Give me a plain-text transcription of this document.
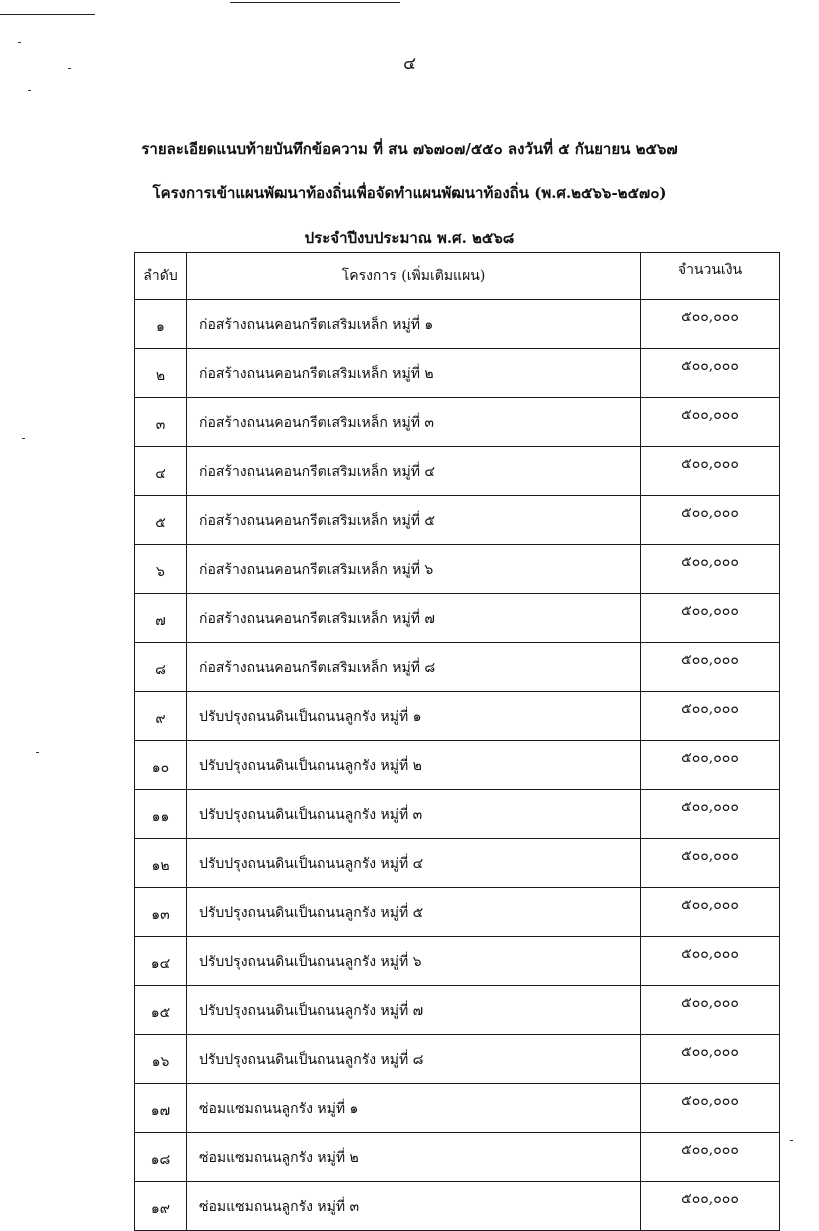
๔
รายละเอียดแนบท้ายบันทึกข้อความ ที่ สน ๗๖๗๐๗/๕๕๐ ลงวันที่ ๕ กันยายน ๒๕๖๗
โครงการเข้าแผนพัฒนาท้องถิ่นเพื่อจัดทำแผนพัฒนาท้องถิ่น (พ.ศ.๒๕๖๖-๒๕๗๐)
ประจำปีงบประมาณ พ.ศ. ๒๕๖๘
ลำดับ	โครงการ (เพิ่มเติมแผน)	จำนวนเงิน
๑	ก่อสร้างถนนคอนกรีตเสริมเหล็ก หมู่ที่ ๑	๕๐๐,๐๐๐
๒	ก่อสร้างถนนคอนกรีตเสริมเหล็ก หมู่ที่ ๒	๕๐๐,๐๐๐
๓	ก่อสร้างถนนคอนกรีตเสริมเหล็ก หมู่ที่ ๓	๕๐๐,๐๐๐
๔	ก่อสร้างถนนคอนกรีตเสริมเหล็ก หมู่ที่ ๔	๕๐๐,๐๐๐
๕	ก่อสร้างถนนคอนกรีตเสริมเหล็ก หมู่ที่ ๕	๕๐๐,๐๐๐
๖	ก่อสร้างถนนคอนกรีตเสริมเหล็ก หมู่ที่ ๖	๕๐๐,๐๐๐
๗	ก่อสร้างถนนคอนกรีตเสริมเหล็ก หมู่ที่ ๗	๕๐๐,๐๐๐
๘	ก่อสร้างถนนคอนกรีตเสริมเหล็ก หมู่ที่ ๘	๕๐๐,๐๐๐
๙	ปรับปรุงถนนดินเป็นถนนลูกรัง หมู่ที่ ๑	๕๐๐,๐๐๐
๑๐	ปรับปรุงถนนดินเป็นถนนลูกรัง หมู่ที่ ๒	๕๐๐,๐๐๐
๑๑	ปรับปรุงถนนดินเป็นถนนลูกรัง หมู่ที่ ๓	๕๐๐,๐๐๐
๑๒	ปรับปรุงถนนดินเป็นถนนลูกรัง หมู่ที่ ๔	๕๐๐,๐๐๐
๑๓	ปรับปรุงถนนดินเป็นถนนลูกรัง หมู่ที่ ๕	๕๐๐,๐๐๐
๑๔	ปรับปรุงถนนดินเป็นถนนลูกรัง หมู่ที่ ๖	๕๐๐,๐๐๐
๑๕	ปรับปรุงถนนดินเป็นถนนลูกรัง หมู่ที่ ๗	๕๐๐,๐๐๐
๑๖	ปรับปรุงถนนดินเป็นถนนลูกรัง หมู่ที่ ๘	๕๐๐,๐๐๐
๑๗	ซ่อมแซมถนนลูกรัง หมู่ที่ ๑	๕๐๐,๐๐๐
๑๘	ซ่อมแซมถนนลูกรัง หมู่ที่ ๒	๕๐๐,๐๐๐
๑๙	ซ่อมแซมถนนลูกรัง หมู่ที่ ๓	๕๐๐,๐๐๐
